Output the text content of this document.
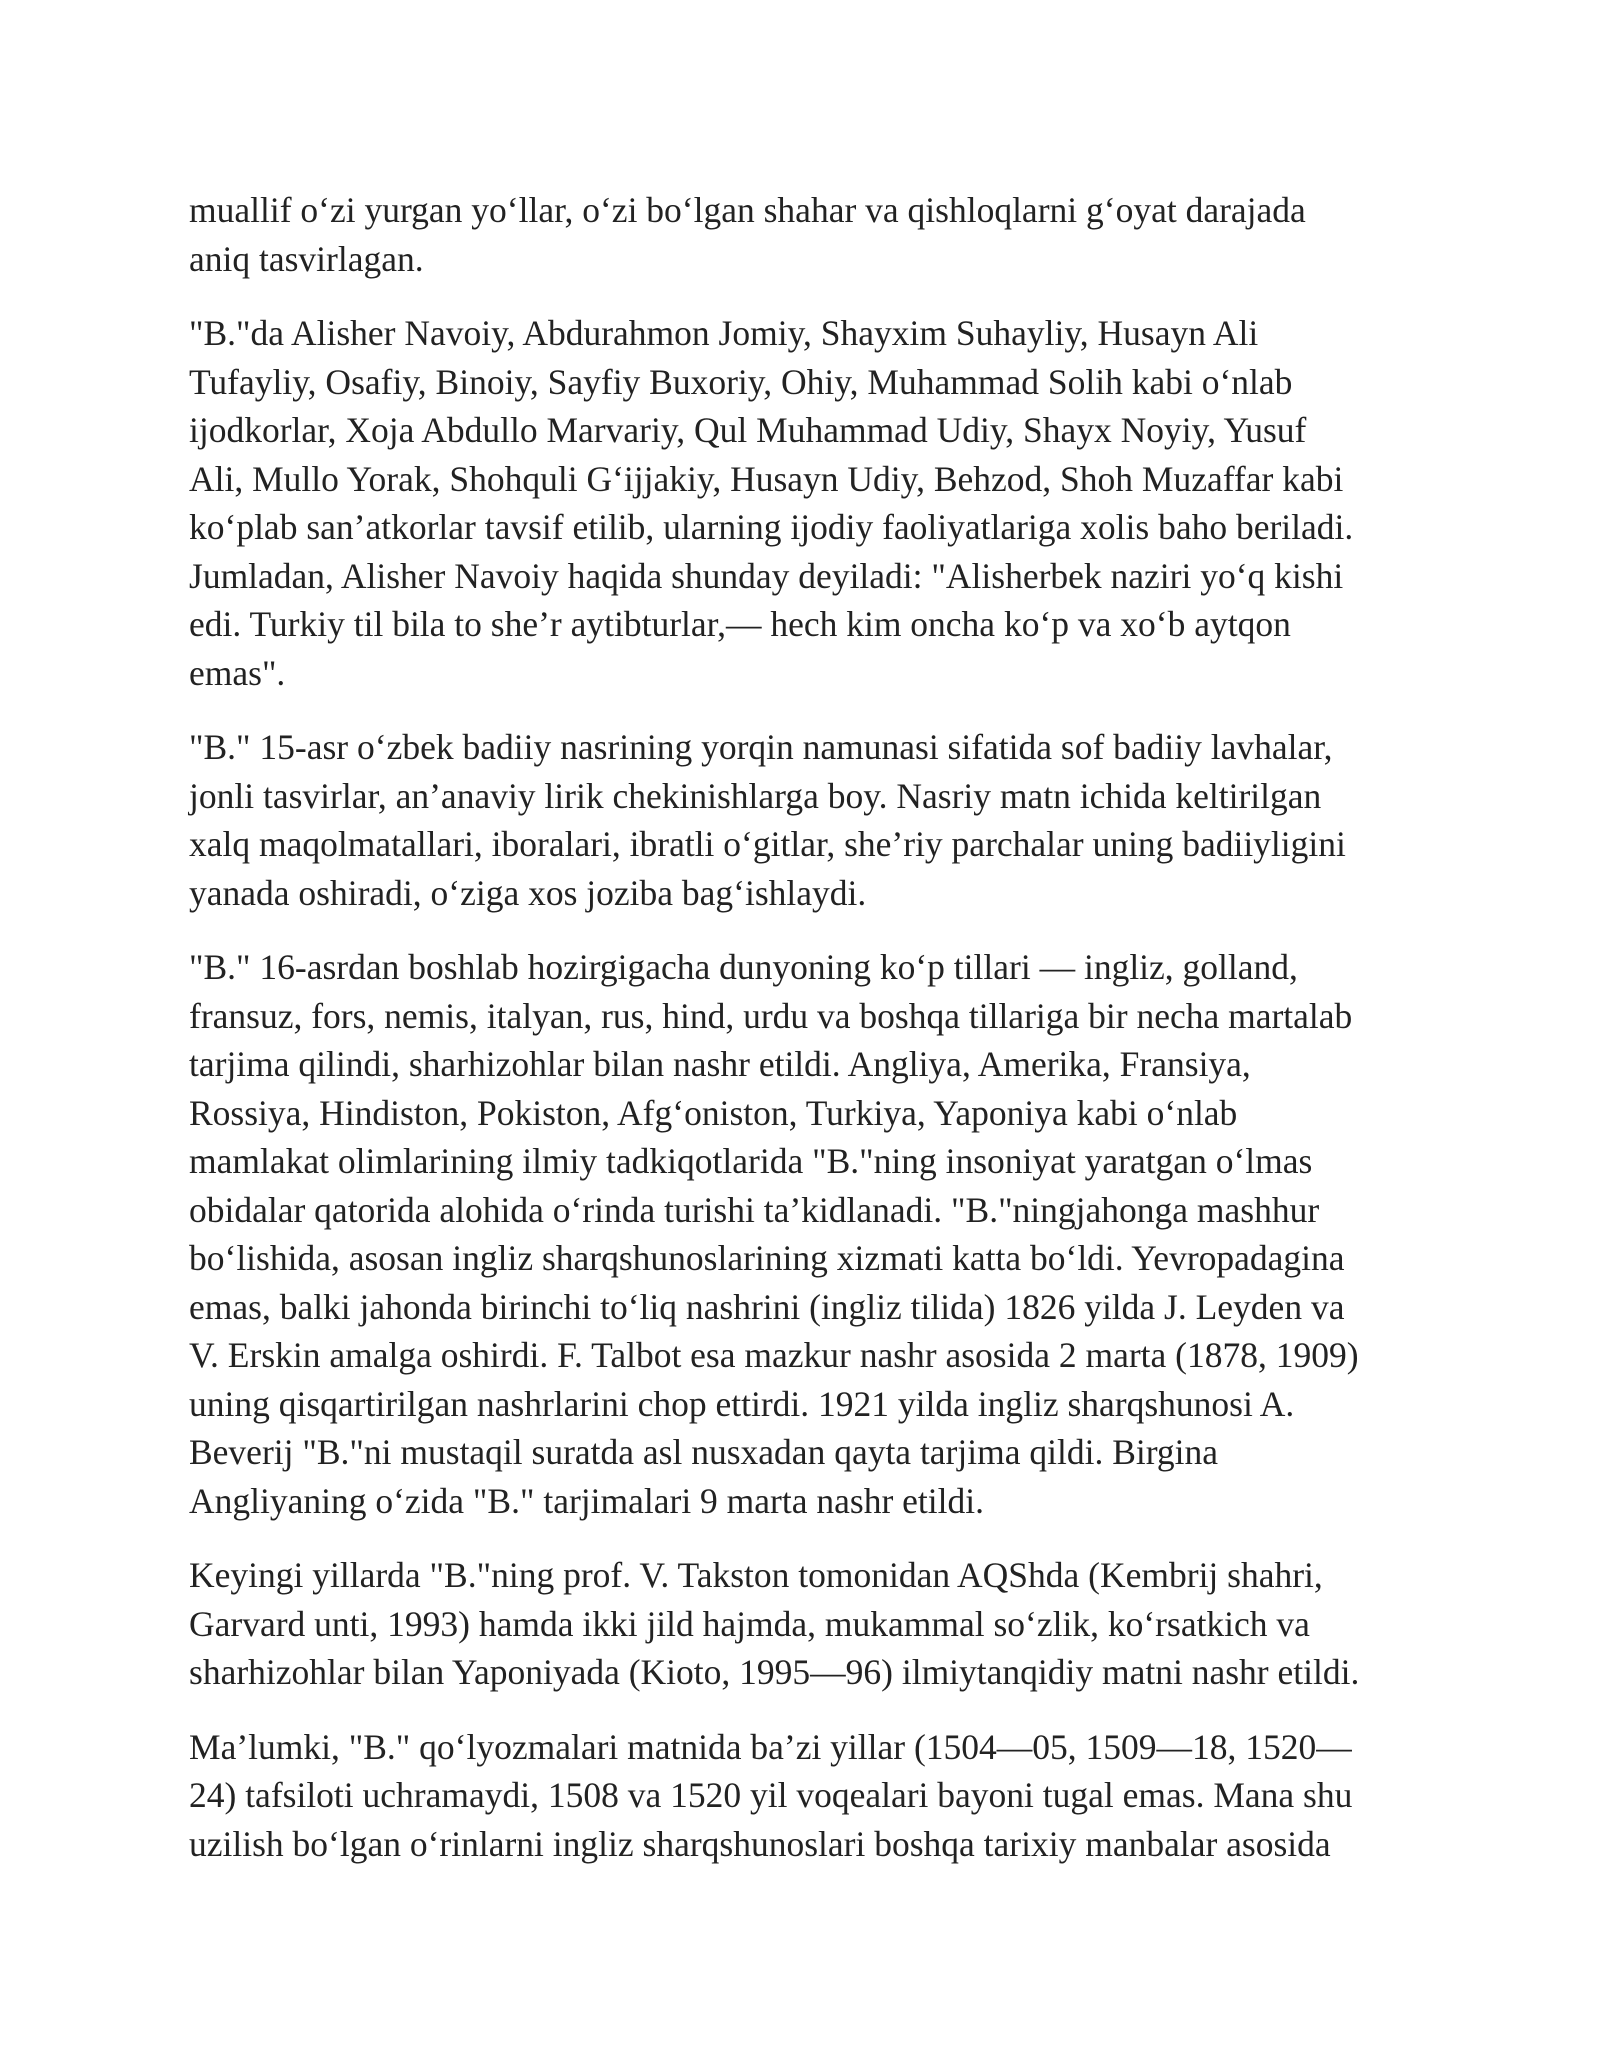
muallif o‘zi yurgan yo‘llar, o‘zi bo‘lgan shahar va qishloqlarni g‘oyat darajada
aniq tasvirlagan.

"B."da Alisher Navoiy, Abdurahmon Jomiy, Shayxim Suhayliy, Husayn Ali
Tufayliy, Osafiy, Binoiy, Sayfiy Buxoriy, Ohiy, Muhammad Solih kabi o‘nlab
ijodkorlar, Xoja Abdullo Marvariy, Qul Muhammad Udiy, Shayx Noyiy, Yusuf
Ali, Mullo Yorak, Shohquli G‘ijjakiy, Husayn Udiy, Behzod, Shoh Muzaffar kabi
ko‘plab san’atkorlar tavsif etilib, ularning ijodiy faoliyatlariga xolis baho beriladi.
Jumladan, Alisher Navoiy haqida shunday deyiladi: "Alisherbek naziri yo‘q kishi
edi. Turkiy til bila to she’r aytibturlar,— hech kim oncha ko‘p va xo‘b aytqon
emas".

"B." 15-asr o‘zbek badiiy nasrining yorqin namunasi sifatida sof badiiy lavhalar,
jonli tasvirlar, an’anaviy lirik chekinishlarga boy. Nasriy matn ichida keltirilgan
xalq maqolmatallari, iboralari, ibratli o‘gitlar, she’riy parchalar uning badiiyligini
yanada oshiradi, o‘ziga xos joziba bag‘ishlaydi.

"B." 16-asrdan boshlab hozirgigacha dunyoning ko‘p tillari — ingliz, golland,
fransuz, fors, nemis, italyan, rus, hind, urdu va boshqa tillariga bir necha martalab
tarjima qilindi, sharhizohlar bilan nashr etildi. Angliya, Amerika, Fransiya,
Rossiya, Hindiston, Pokiston, Afg‘oniston, Turkiya, Yaponiya kabi o‘nlab
mamlakat olimlarining ilmiy tadkiqotlarida "B."ning insoniyat yaratgan o‘lmas
obidalar qatorida alohida o‘rinda turishi ta’kidlanadi. "B."ningjahonga mashhur
bo‘lishida, asosan ingliz sharqshunoslarining xizmati katta bo‘ldi. Yevropadagina
emas, balki jahonda birinchi to‘liq nashrini (ingliz tilida) 1826 yilda J. Leyden va
V. Erskin amalga oshirdi. F. Talbot esa mazkur nashr asosida 2 marta (1878, 1909)
uning qisqartirilgan nashrlarini chop ettirdi. 1921 yilda ingliz sharqshunosi A.
Beverij "B."ni mustaqil suratda asl nusxadan qayta tarjima qildi. Birgina
Angliyaning o‘zida "B." tarjimalari 9 marta nashr etildi.

Keyingi yillarda "B."ning prof. V. Takston tomonidan AQShda (Kembrij shahri,
Garvard unti, 1993) hamda ikki jild hajmda, mukammal so‘zlik, ko‘rsatkich va
sharhizohlar bilan Yaponiyada (Kioto, 1995—96) ilmiytanqidiy matni nashr etildi.

Ma’lumki, "B." qo‘lyozmalari matnida ba’zi yillar (1504—05, 1509—18, 1520—
24) tafsiloti uchramaydi, 1508 va 1520 yil voqealari bayoni tugal emas. Mana shu
uzilish bo‘lgan o‘rinlarni ingliz sharqshunoslari boshqa tarixiy manbalar asosida
